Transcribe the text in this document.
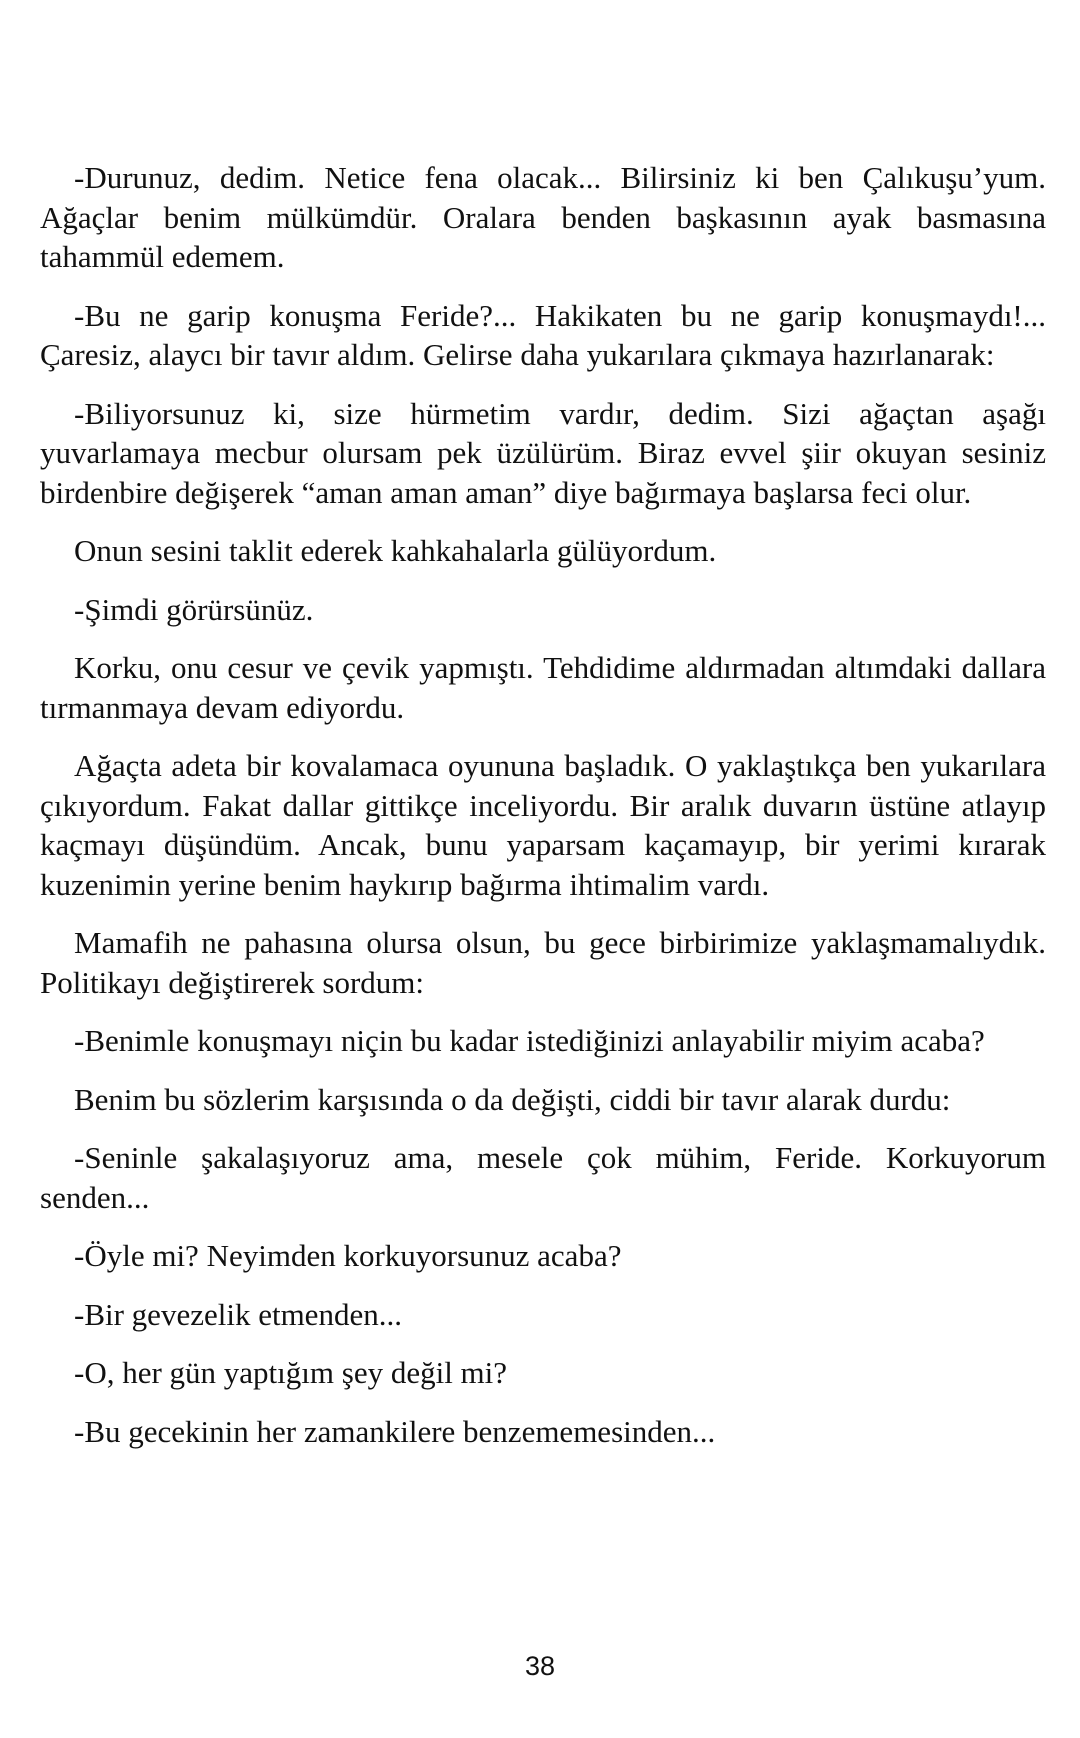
-Durunuz, dedim. Netice fena olacak... Bilirsiniz ki ben Çalıkuşu’yum. Ağaçlar benim mülkümdür. Oralara benden başkasının ayak basmasına tahammül edemem.

-Bu ne garip konuşma Feride?... Hakikaten bu ne garip konuşmaydı!... Çaresiz, alaycı bir tavır aldım. Gelirse daha yukarılara çıkmaya hazırlanarak:

-Biliyorsunuz ki, size hürmetim vardır, dedim. Sizi ağaçtan aşağı yuvarlamaya mecbur olursam pek üzülürüm. Biraz evvel şiir okuyan sesiniz birdenbire değişerek “aman aman aman” diye bağırmaya başlarsa feci olur.

Onun sesini taklit ederek kahkahalarla gülüyordum.

-Şimdi görürsünüz.

Korku, onu cesur ve çevik yapmıştı. Tehdidime aldırmadan altımdaki dallara tırmanmaya devam ediyordu.

Ağaçta adeta bir kovalamaca oyununa başladık. O yaklaştıkça ben yukarılara çıkıyordum. Fakat dallar gittikçe inceliyordu. Bir aralık duvarın üstüne atlayıp kaçmayı düşündüm. Ancak, bunu yaparsam kaçamayıp, bir yerimi kırarak kuzenimin yerine benim haykırıp bağırma ihtimalim vardı.

Mamafih ne pahasına olursa olsun, bu gece birbirimize yaklaşmamalıydık. Politikayı değiştirerek sordum:

-Benimle konuşmayı niçin bu kadar istediğinizi anlayabilir miyim acaba?

Benim bu sözlerim karşısında o da değişti, ciddi bir tavır alarak durdu:

-Seninle şakalaşıyoruz ama, mesele çok mühim, Feride. Korkuyorum senden...

-Öyle mi? Neyimden korkuyorsunuz acaba?

-Bir gevezelik etmenden...

-O, her gün yaptığım şey değil mi?

-Bu gecekinin her zamankilere benzememesinden...

38
